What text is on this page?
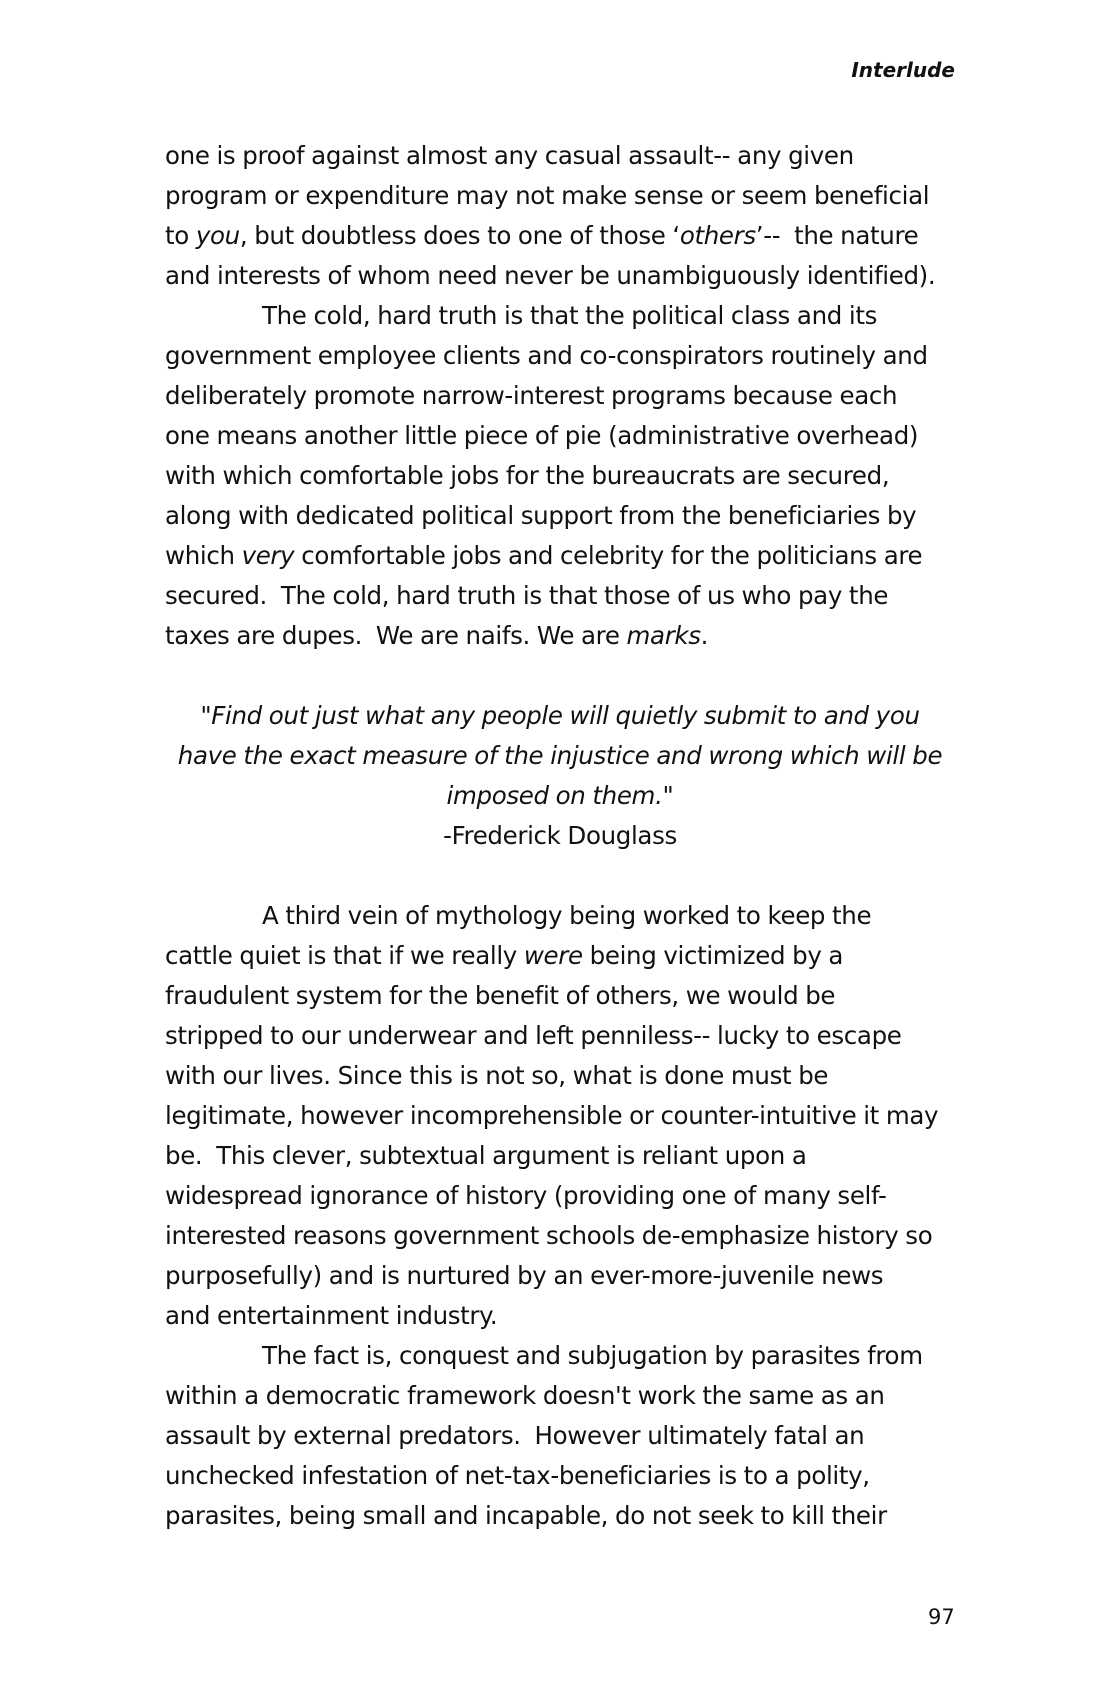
Interlude
one is proof against almost any casual assault-- any given
program or expenditure may not make sense or seem beneficial
to you, but doubtless does to one of those ‘others’--  the nature
and interests of whom need never be unambiguously identified).
The cold, hard truth is that the political class and its
government employee clients and co-conspirators routinely and
deliberately promote narrow-interest programs because each
one means another little piece of pie (administrative overhead)
with which comfortable jobs for the bureaucrats are secured,
along with dedicated political support from the beneficiaries by
which very comfortable jobs and celebrity for the politicians are
secured.  The cold, hard truth is that those of us who pay the
taxes are dupes.  We are naifs. We are marks.
"Find out just what any people will quietly submit to and you
have the exact measure of the injustice and wrong which will be
imposed on them."
-Frederick Douglass
A third vein of mythology being worked to keep the
cattle quiet is that if we really were being victimized by a
fraudulent system for the benefit of others, we would be
stripped to our underwear and left penniless-- lucky to escape
with our lives. Since this is not so, what is done must be
legitimate, however incomprehensible or counter-intuitive it may
be.  This clever, subtextual argument is reliant upon a
widespread ignorance of history (providing one of many self-
interested reasons government schools de-emphasize history so
purposefully) and is nurtured by an ever-more-juvenile news
and entertainment industry.
The fact is, conquest and subjugation by parasites from
within a democratic framework doesn't work the same as an
assault by external predators.  However ultimately fatal an
unchecked infestation of net-tax-beneficiaries is to a polity,
parasites, being small and incapable, do not seek to kill their
97
